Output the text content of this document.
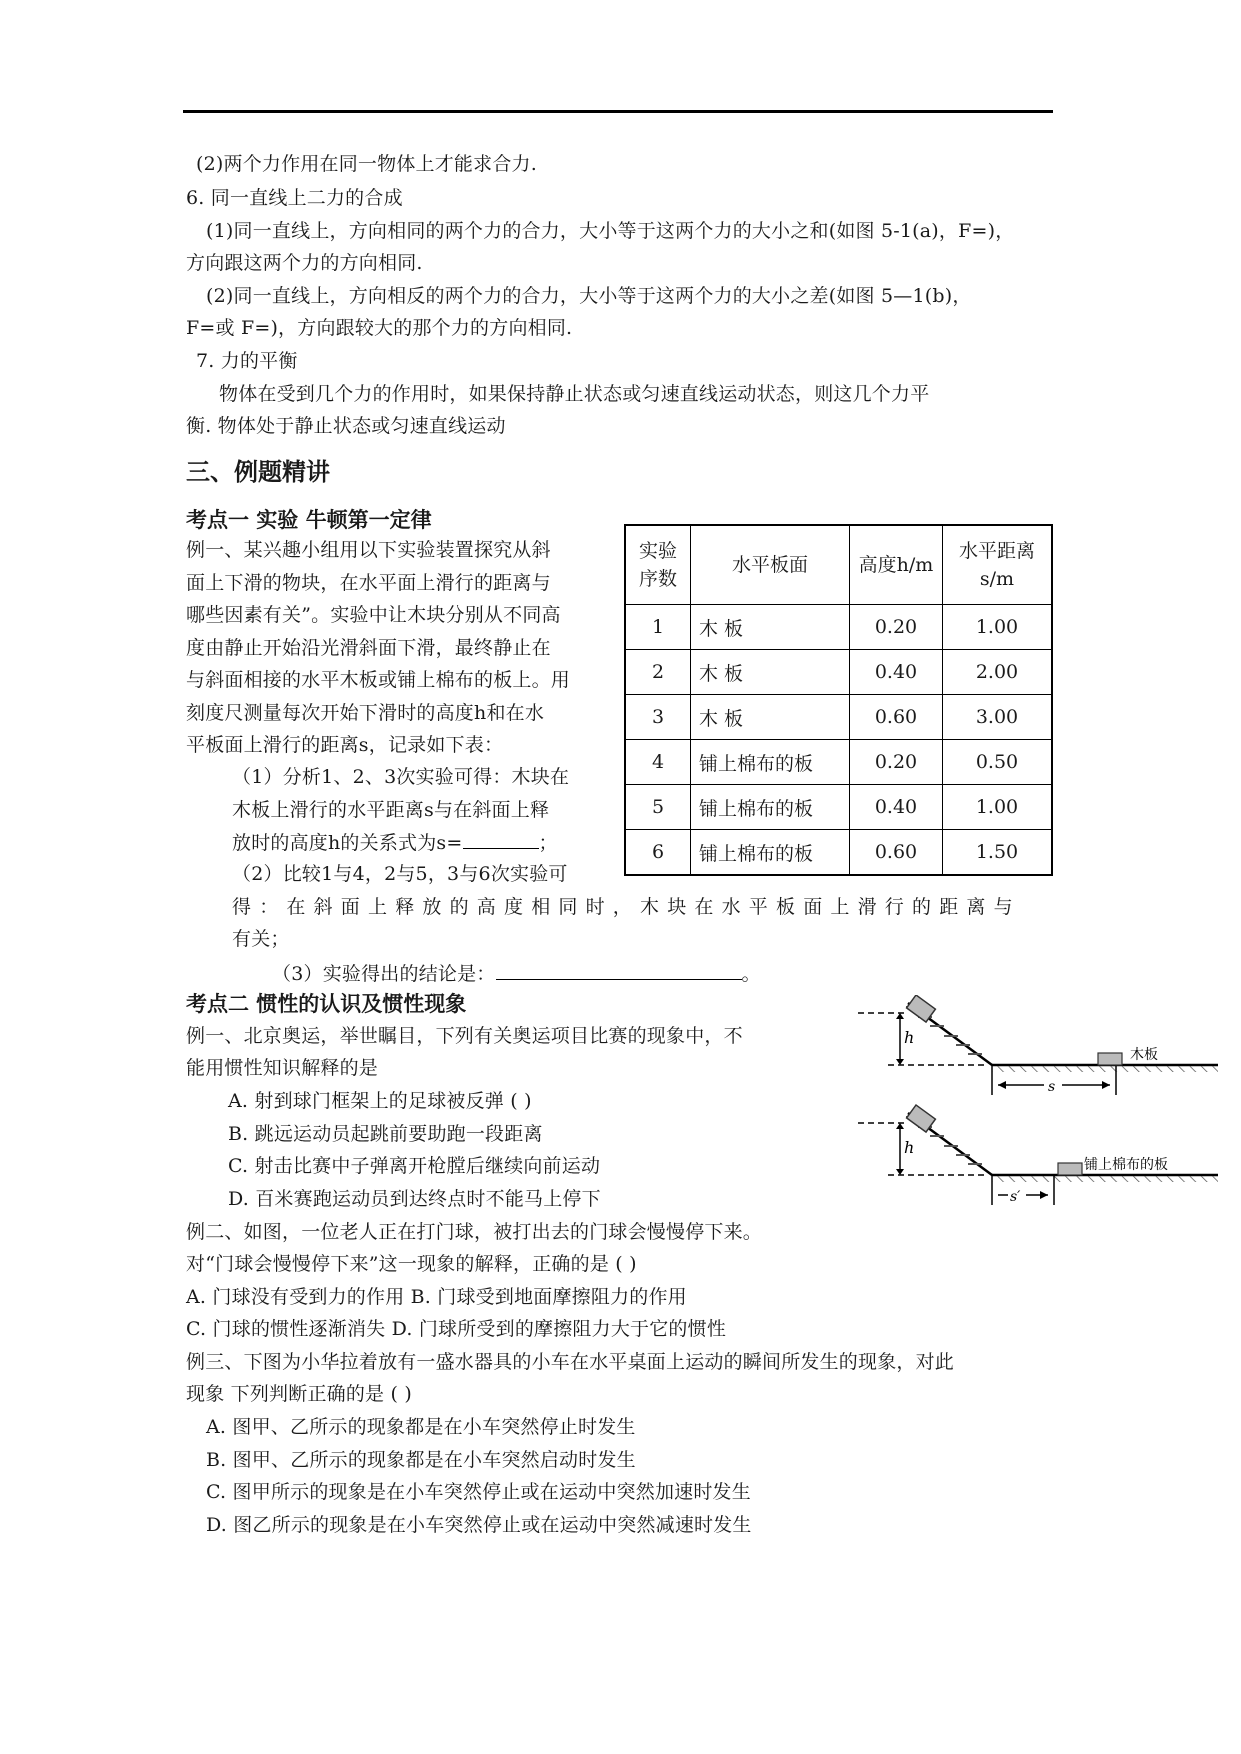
(2)两个力作用在同一物体上才能求合力.
6. 同一直线上二力的合成
(1)同一直线上，方向相同的两个力的合力，大小等于这两个力的大小之和(如图 5-1(a)，F=)，
方向跟这两个力的方向相同.
(2)同一直线上，方向相反的两个力的合力，大小等于这两个力的大小之差(如图 5—1(b)，
F=或 F=)，方向跟较大的那个力的方向相同.
7. 力的平衡
物体在受到几个力的作用时，如果保持静止状态或匀速直线运动状态，则这几个力平
衡. 物体处于静止状态或匀速直线运动
三、例题精讲
考点一 实验 牛顿第一定律
例一、某兴趣小组用以下实验装置探究从斜
面上下滑的物块，在水平面上滑行的距离与
哪些因素有关”。实验中让木块分别从不同高
度由静止开始沿光滑斜面下滑，最终静止在
与斜面相接的水平木板或铺上棉布的板上。用
刻度尺测量每次开始下滑时的高度h和在水
平板面上滑行的距离s，记录如下表：
（1）分析1、2、3次实验可得：木块在
木板上滑行的水平距离s与在斜面上释
放时的高度h的关系式为s=	；
（2）比较1与4，2与5，3与6次实验可
得：在斜面上释放的高度相同时，木块在水平板面上滑行的距离与
有关；
（3）实验得出的结论是：	。
实验
序数	水平板面	高度h/m	水平距离
s/m
1	木 板	0.20	1.00
2	木 板	0.40	2.00
3	木 板	0.60	3.00
4	铺上棉布的板	0.20	0.50
5	铺上棉布的板	0.40	1.00
6	铺上棉布的板	0.60	1.50
考点二 惯性的认识及惯性现象
例一、北京奥运，举世瞩目，下列有关奥运项目比赛的现象中，不
能用惯性知识解释的是
A. 射到球门框架上的足球被反弹 ( )
B. 跳远运动员起跳前要助跑一段距离
C. 射击比赛中子弹离开枪膛后继续向前运动
D. 百米赛跑运动员到达终点时不能马上停下
例二、如图，一位老人正在打门球，被打出去的门球会慢慢停下来。
对“门球会慢慢停下来”这一现象的解释，正确的是 ( )
A. 门球没有受到力的作用 B. 门球受到地面摩擦阻力的作用
C. 门球的惯性逐渐消失 D. 门球所受到的摩擦阻力大于它的惯性
例三、下图为小华拉着放有一盛水器具的小车在水平桌面上运动的瞬间所发生的现象，对此
现象 下列判断正确的是 ( )
A. 图甲、乙所示的现象都是在小车突然停止时发生
B. 图甲、乙所示的现象都是在小车突然启动时发生
C. 图甲所示的现象是在小车突然停止或在运动中突然加速时发生
D. 图乙所示的现象是在小车突然停止或在运动中突然减速时发生
h
木板
s
h
铺上棉布的板
s′
